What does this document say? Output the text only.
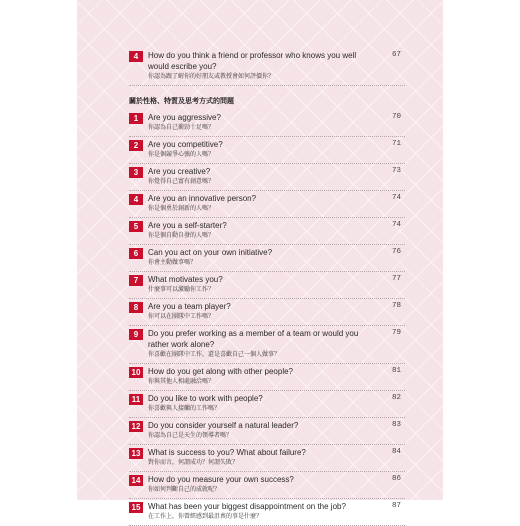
4	How do you think a friend or professor who knows you well would escribe you?
你認為跟了解你的好朋友或教授會如何評價你？
67
關於性格、特質及思考方式的問題
1	Are you aggressive?
你認為自己衝勁十足嗎？
70
2	Are you competitive?
你是個競爭心強的人嗎？
71
3	Are you creative?
你覺得自己富有創意嗎？
73
4	Are you an innovative person?
你是個勇於創新的人嗎？
74
5	Are you a self-starter?
你是個自動自發的人嗎？
74
6	Can you act on your own initiative?
你會主動做事嗎？
76
7	What motivates you?
什麼事可以激勵你工作？
77
8	Are you a team player?
你可以在團隊中工作嗎？
78
9	Do you prefer working as a member of a team or would you rather work alone?
你喜歡在團隊中工作，還是喜歡自己一個人做事？
79
10 How do you get along with other people?
你與其他人相處融洽嗎？
81
11 Do you like to work with people?
你喜歡與人接觸的工作嗎？
82
12 Do you consider yourself a natural leader?
你認為自己是天生的領導者嗎？
83
13 What is success to you? What about failure?
對你而言，何謂成功？何謂失敗？
84
14 How do you measure your own success?
你如何判斷自己的成就呢？
86
15 What has been your biggest disappointment on the job?
在工作上，你曾經感到最沮喪的事是什麼？
87
